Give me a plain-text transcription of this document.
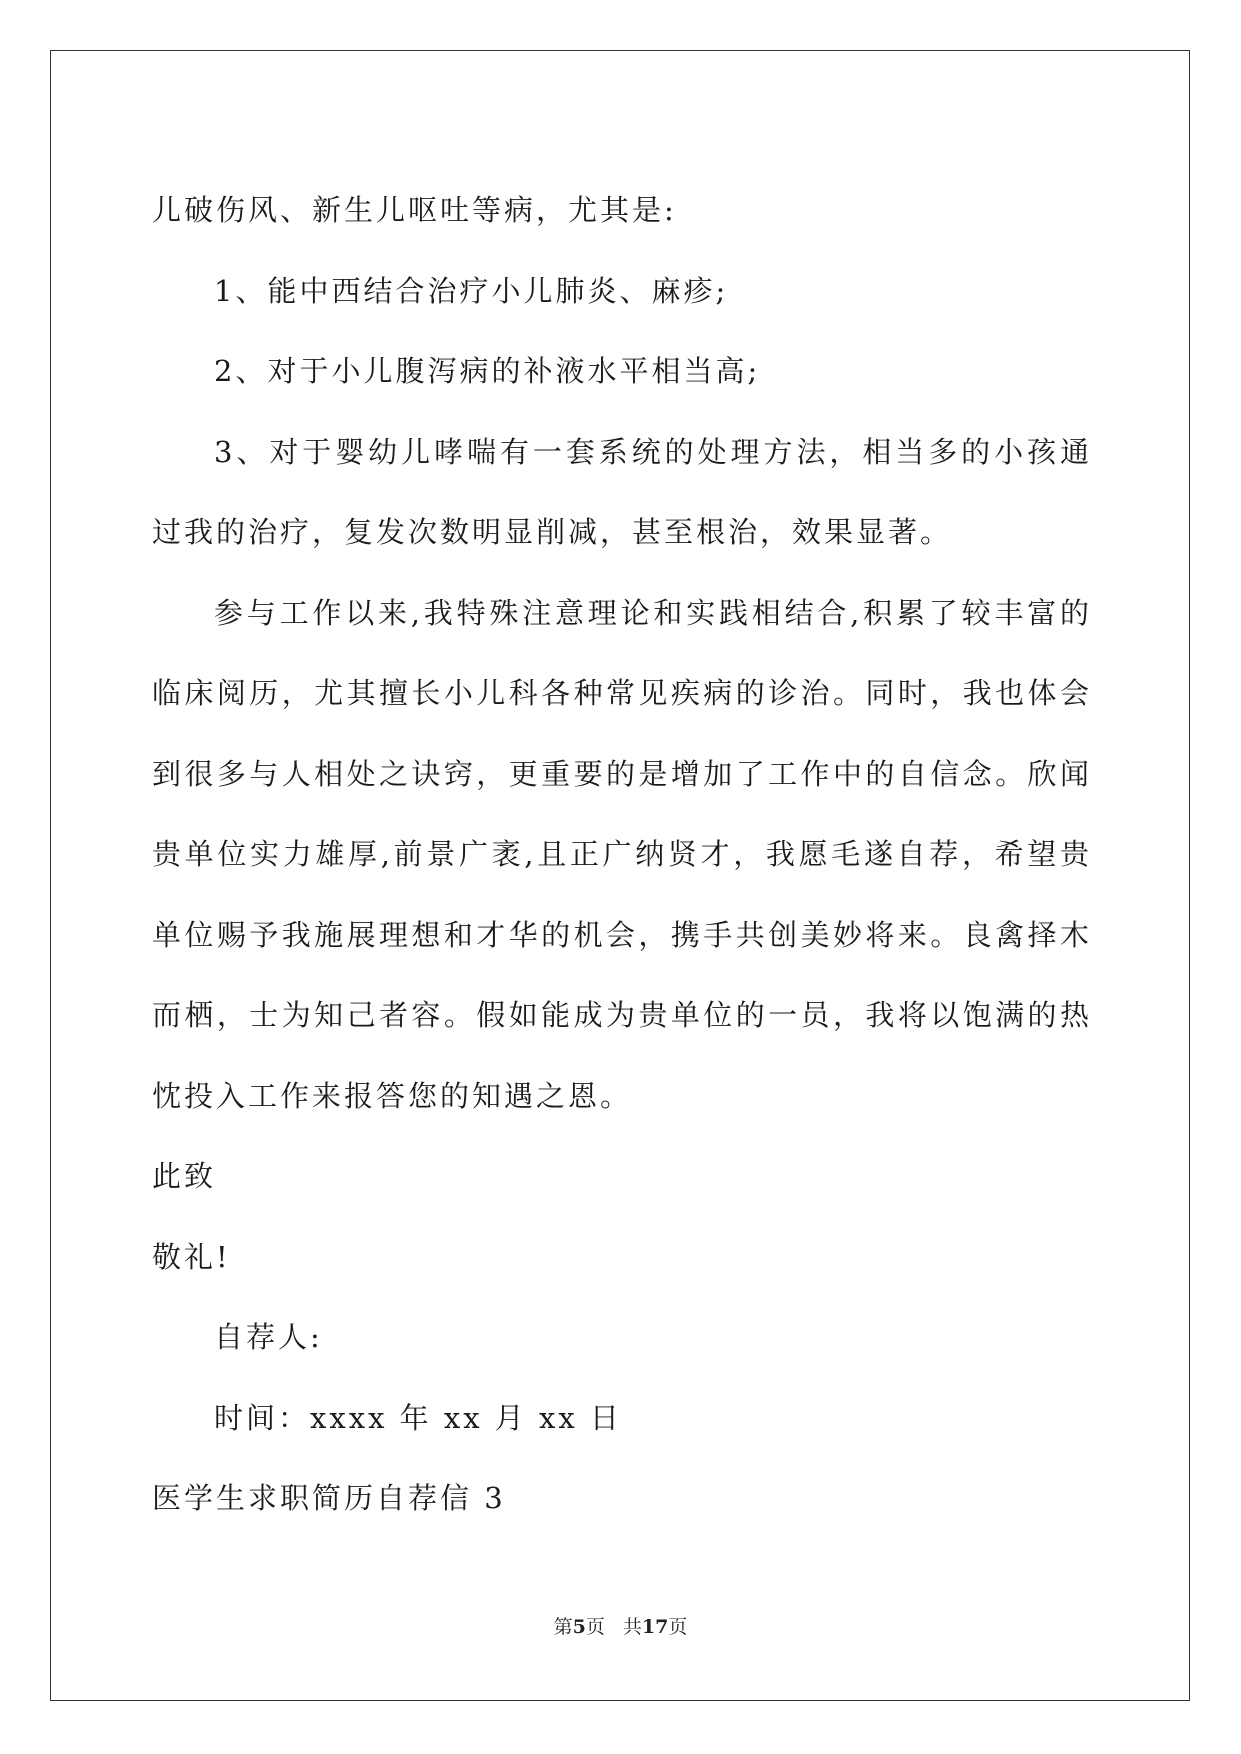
儿破伤风、新生儿呕吐等病，尤其是:

1、能中西结合治疗小儿肺炎、麻疹;

2、对于小儿腹泻病的补液水平相当高;

3、对于婴幼儿哮喘有一套系统的处理方法，相当多的小孩通过我的治疗，复发次数明显削减，甚至根治，效果显著。

参与工作以来,我特殊注意理论和实践相结合,积累了较丰富的临床阅历，尤其擅长小儿科各种常见疾病的诊治。同时，我也体会到很多与人相处之诀窍，更重要的是增加了工作中的自信念。欣闻贵单位实力雄厚,前景广袤,且正广纳贤才，我愿毛遂自荐，希望贵单位赐予我施展理想和才华的机会，携手共创美妙将来。良禽择木而栖，士为知己者容。假如能成为贵单位的一员，我将以饱满的热忱投入工作来报答您的知遇之恩。

此致

敬礼!

自荐人:

时间：xxxx 年 xx 月 xx 日

医学生求职简历自荐信 3

第5页 共17页
